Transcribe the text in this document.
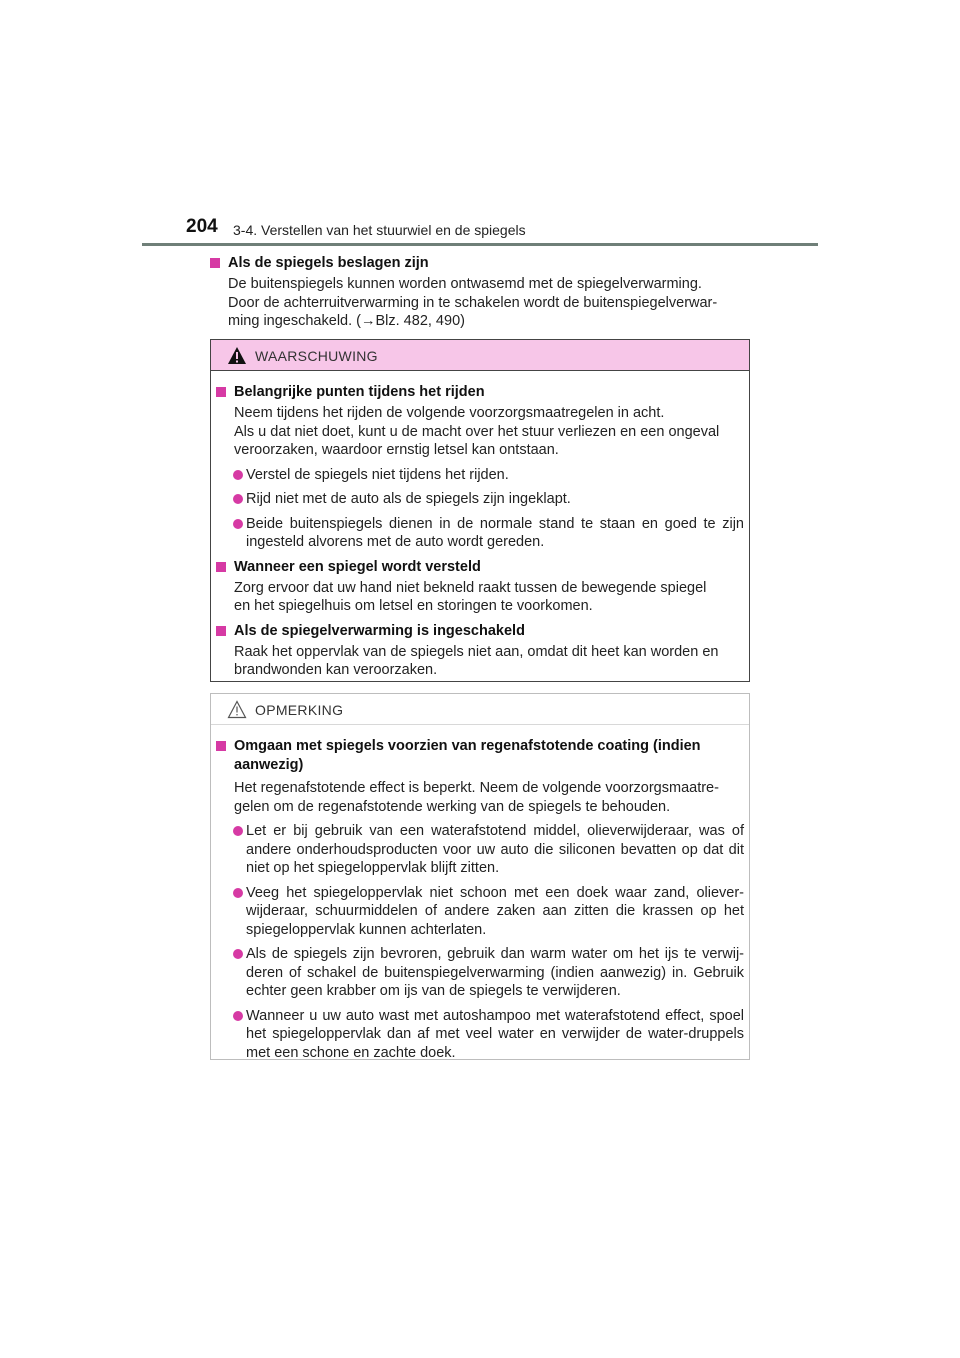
204 3-4. Verstellen van het stuurwiel en de spiegels
Als de spiegels beslagen zijn
De buitenspiegels kunnen worden ontwasemd met de spiegelverwarming.
Door de achterruitverwarming in te schakelen wordt de buitenspiegelverwar-
ming ingeschakeld. (→Blz. 482, 490)
WAARSCHUWING
Belangrijke punten tijdens het rijden
Neem tijdens het rijden de volgende voorzorgsmaatregelen in acht.
Als u dat niet doet, kunt u de macht over het stuur verliezen en een ongeval
veroorzaken, waardoor ernstig letsel kan ontstaan.
Verstel de spiegels niet tijdens het rijden.
Rijd niet met de auto als de spiegels zijn ingeklapt.
Beide buitenspiegels dienen in de normale stand te staan en goed te zijn ingesteld alvorens met de auto wordt gereden.
Wanneer een spiegel wordt versteld
Zorg ervoor dat uw hand niet bekneld raakt tussen de bewegende spiegel
en het spiegelhuis om letsel en storingen te voorkomen.
Als de spiegelverwarming is ingeschakeld
Raak het oppervlak van de spiegels niet aan, omdat dit heet kan worden en
brandwonden kan veroorzaken.
OPMERKING
Omgaan met spiegels voorzien van regenafstotende coating (indien aanwezig)
Het regenafstotende effect is beperkt. Neem de volgende voorzorgsmaatre-
gelen om de regenafstotende werking van de spiegels te behouden.
Let er bij gebruik van een waterafstotend middel, olieverwijderaar, was of andere onderhoudsproducten voor uw auto die siliconen bevatten op dat dit niet op het spiegeloppervlak blijft zitten.
Veeg het spiegeloppervlak niet schoon met een doek waar zand, oliever-wijderaar, schuurmiddelen of andere zaken aan zitten die krassen op het spiegeloppervlak kunnen achterlaten.
Als de spiegels zijn bevroren, gebruik dan warm water om het ijs te verwij-deren of schakel de buitenspiegelverwarming (indien aanwezig) in. Gebruik echter geen krabber om ijs van de spiegels te verwijderen.
Wanneer u uw auto wast met autoshampoo met waterafstotend effect, spoel het spiegeloppervlak dan af met veel water en verwijder de water-druppels met een schone en zachte doek.
